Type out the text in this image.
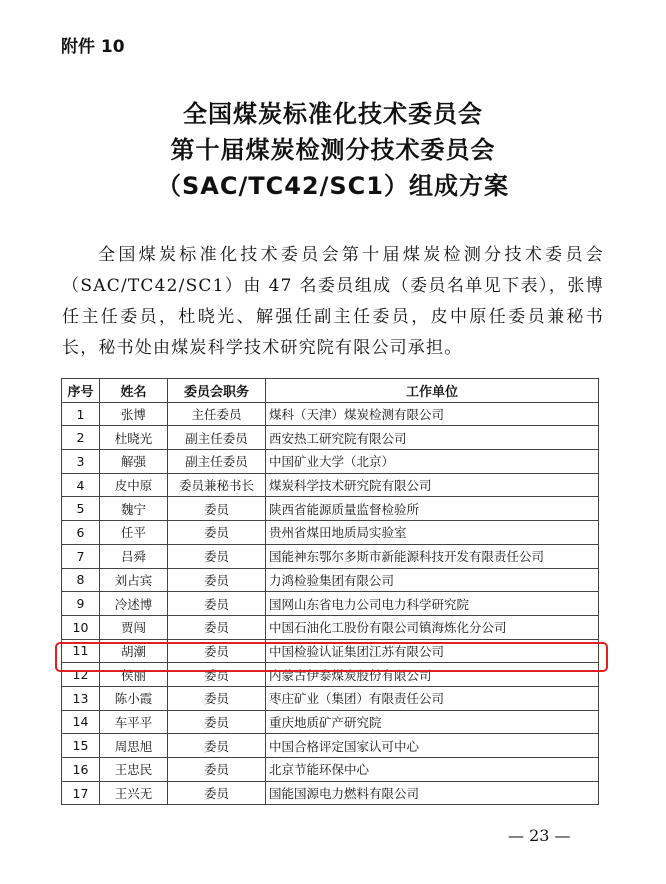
附件 10
全国煤炭标准化技术委员会
第十届煤炭检测分技术委员会
（SAC/TC42/SC1）组成方案

全国煤炭标准化技术委员会第十届煤炭检测分技术委员会（SAC/TC42/SC1）由 47 名委员组成（委员名单见下表），张博任主任委员，杜晓光、解强任副主任委员，皮中原任委员兼秘书长，秘书处由煤炭科学技术研究院有限公司承担。

序号	姓名	委员会职务	工作单位
1	张博	主任委员	煤科（天津）煤炭检测有限公司
2	杜晓光	副主任委员	西安热工研究院有限公司
3	解强	副主任委员	中国矿业大学（北京）
4	皮中原	委员兼秘书长	煤炭科学技术研究院有限公司
5	魏宁	委员	陕西省能源质量监督检验所
6	任平	委员	贵州省煤田地质局实验室
7	吕舜	委员	国能神东鄂尔多斯市新能源科技开发有限责任公司
8	刘占宾	委员	力鸿检验集团有限公司
9	冷述博	委员	国网山东省电力公司电力科学研究院
10	贾闯	委员	中国石油化工股份有限公司镇海炼化分公司
11	胡潮	委员	中国检验认证集团江苏有限公司
12	侯丽	委员	内蒙古伊泰煤炭股份有限公司
13	陈小霞	委员	枣庄矿业（集团）有限责任公司
14	车平平	委员	重庆地质矿产研究院
15	周思旭	委员	中国合格评定国家认可中心
16	王忠民	委员	北京节能环保中心
17	王兴无	委员	国能国源电力燃料有限公司
— 23 —
